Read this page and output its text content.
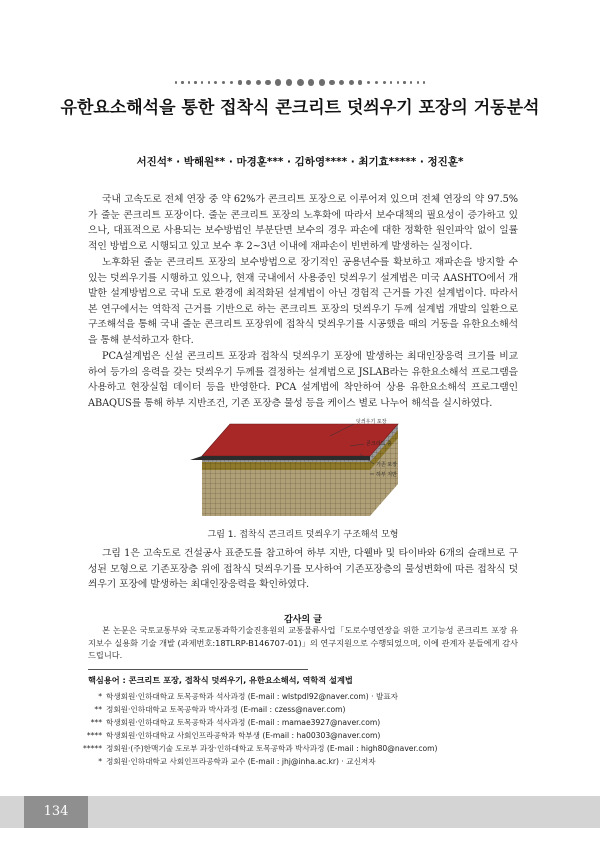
유한요소해석을 통한 접착식 콘크리트 덧씌우기 포장의 거동분석
서진석* · 박해원** · 마경훈*** · 김하영**** · 최기효***** · 정진훈*

국내 고속도로 전체 연장 중 약 62%가 콘크리트 포장으로 이루어져 있으며 전체 연장의 약 97.5%가 줄눈 콘크리트 포장이다. 줄눈 콘크리트 포장의 노후화에 따라서 보수대책의 필요성이 증가하고 있으나, 대표적으로 사용되는 보수방법인 부분단면 보수의 경우 파손에 대한 정확한 원인파악 없이 일률적인 방법으로 시행되고 있고 보수 후 2~3년 이내에 재파손이 빈번하게 발생하는 실정이다.

노후화된 줄눈 콘크리트 포장의 보수방법으로 장기적인 공용년수를 확보하고 재파손을 방지할 수 있는 덧씌우기를 시행하고 있으나, 현재 국내에서 사용중인 덧씌우기 설계법은 미국 AASHTO에서 개발한 설계방법으로 국내 도로 환경에 최적화된 설계법이 아닌 경험적 근거를 가진 설계법이다. 따라서 본 연구에서는 역학적 근거를 기반으로 하는 콘크리트 포장의 덧씌우기 두께 설계법 개발의 일환으로 구조해석을 통해 국내 줄눈 콘크리트 포장위에 접착식 덧씌우기를 시공했을 때의 거동을 유한요소해석을 통해 분석하고자 한다.

PCA설계법은 신설 콘크리트 포장과 접착식 덧씌우기 포장에 발생하는 최대인장응력 크기를 비교하여 등가의 응력을 갖는 덧씌우기 두께를 결정하는 설계법으로 JSLAB라는 유한요소해석 프로그램을 사용하고 현장실험 데이터 등을 반영한다. PCA 설계법에 착안하여 상용 유한요소해석 프로그램인 ABAQUS를 통해 하부 지반조건, 기존 포장층 물성 등을 케이스 별로 나누어 해석을 실시하였다.

덧씌우기 포장
콘크리트 층
기존 포장
하부 지반
그림 1. 접착식 콘크리트 덧씌우기 구조해석 모형

그림 1은 고속도로 건설공사 표준도를 참고하여 하부 지반, 다웰바 및 타이바와 6개의 슬래브로 구성된 모형으로 기존포장층 위에 접착식 덧씌우기를 모사하여 기존포장층의 물성변화에 따른 접착식 덧씌우기 포장에 발생하는 최대인장응력을 확인하였다.

감사의 글

본 논문은 국토교통부와 국토교통과학기술진흥원의 교통물류사업「도로수명연장을 위한 고기능성 콘크리트 포장 유지보수 실용화 기술 개발 (과제번호:18TLRP-B146707-01)」의 연구지원으로 수행되었으며, 이에 관계자 분들에게 감사드립니다.

핵심용어 : 콘크리트 포장, 접착식 덧씌우기, 유한요소해석, 역학적 설계법
* 학생회원·인하대학교 토목공학과 석사과정 (E-mail : wlstpdl92@naver.com) · 발표자
** 정회원·인하대학교 토목공학과 박사과정 (E-mail : czess@naver.com)
*** 학생회원·인하대학교 토목공학과 석사과정 (E-mail : mamae3927@naver.com)
**** 학생회원·인하대학교 사회인프라공학과 학부생 (E-mail : ha00303@naver.com)
***** 정회원·(주)한맥기술 도로부 과장·인하대학교 토목공학과 박사과정 (E-mail : high80@naver.com)
* 정회원·인하대학교 사회인프라공학과 교수 (E-mail : jhj@inha.ac.kr) · 교신저자
134
